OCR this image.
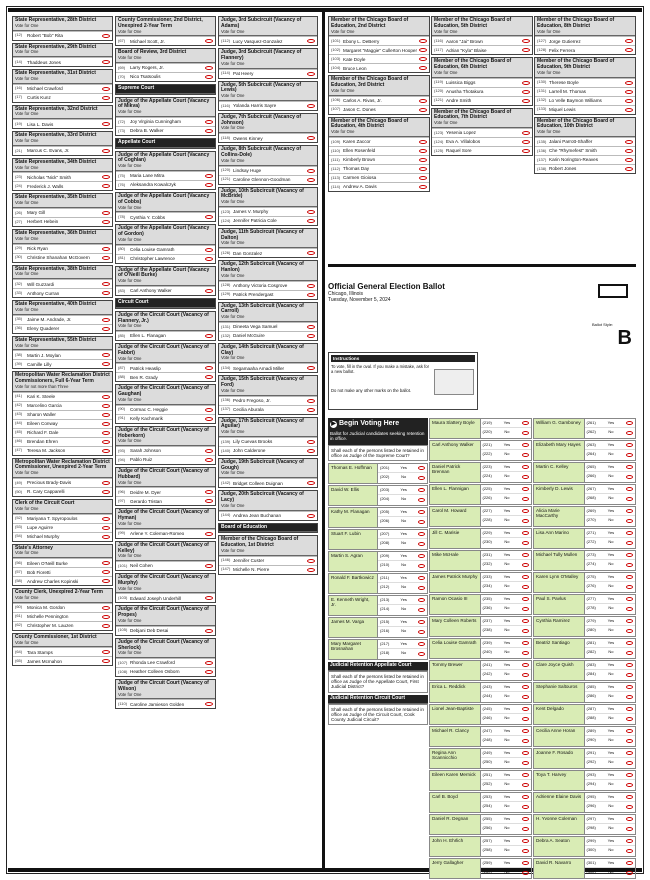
State Representative, 28th District
Vote for One
(12)	Robert "Bob" Rita
State Representative, 29th District
Vote for One
(14)	Thaddeus Jones
State Representative, 31st District
Vote for One
(16)	Michael Crawford
(17)	Curtis Kunz
State Representative, 32nd District
Vote for One
(19)	Lisa L. Davis
State Representative, 33rd District
Vote for One
(21)	Marcus C. Evans, Jr.
State Representative, 34th District
Vote for One
(23)	Nicholas "Nick" Smith
(24)	Frederick J. Walls
State Representative, 35th District
Vote for One
(26)	Mary Gill
(27)	Herbert Hebein
State Representative, 36th District
Vote for One
(29)	Rick Ryan
(30)	Christine Shanahan McGovern
State Representative, 38th District
Vote for One
(32)	Will Guzzardi
(33)	Anthony Curran
State Representative, 40th District
Vote for One
(35)	Jaime M. Andrade, Jr.
(36)	Eleny Quaderer
State Representative, 55th District
Vote for One
(38)	Martin J. Moylan
(39)	Camille Lilly
Metropolitan Water Reclamation District Commissioners, Full 6-Year Term
Vote for not more than Three
(41)	Kari K. Steele
(42)	Marcelino Garcia
(43)	Sharon Waller
(44)	Eileen Conway
(45)	Richard F. Dale
(46)	Brendan Ehren
(47)	Teresa M. Jackson
Metropolitan Water Reclamation District Commissioner, Unexpired 2-Year Term
Vote for One
(49)	Precious Brady-Davis
(50)	R. Cary Capparelli
Clerk of the Circuit Court
Vote for One
(52)	Mariyana T. Spyropoulos
(53)	Lupe Aguirre
(54)	Michael Murphy
State's Attorney
Vote for One
(56)	Eileen O'Neill Burke
(57)	Bob Fioretti
(58)	Andrew Charles Kopinski
County Clerk, Unexpired 2-Year Term
Vote for One
(60)	Monica M. Gordon
(61)	Michelle Pennington
(62)	Christopher M. Lauzen
County Commissioner, 1st District
Vote for One
(64)	Tara Stamps
(65)	James Mcmahon
County Commissioner, 2nd District, Unexpired 2-Year Term
Vote for One
(67)	Michael Scott, Jr.
Board of Review, 3rd District
Vote for One
(69)	Larry Rogers, Jr.
(70)	Nico Tsatsoulis
Supreme Court
Judge of the Appellate Court (Vacancy of Mikva)
Vote for One
(72)	Joy Virginia Cunningham
(73)	Debra B. Walker
Appellate Court
Judge of the Appellate Court (Vacancy of Coghlan)
Vote for One
(75)	Maria Lane Mitra
(76)	Aleksandra Kowalczyk
Judge of the Appellate Court (Vacancy of Cobbs)
Vote for One
(78)	Cynthia Y. Cobbs
Judge of the Appellate Court (Vacancy of Gordon)
Vote for One
(80)	Celia Louise Gamrath
(81)	Christopher Lawrence
Judge of the Appellate Court (Vacancy of O'Neill Burke)
Vote for One
(83)	Carl Anthony Walker
Circuit Court
Judge of the Circuit Court (Vacancy of Flannery, Jr.)
Vote for One
(85)	Ellen L. Flanagan
Judge of the Circuit Court (Vacancy of Fabbri)
Vote for One
(87)	Patrick Heaslip
(88)	Ben R. Grady
Judge of the Circuit Court (Vacancy of Gaughan)
Vote for One
(90)	Cormac C. Heggie
(91)	Kelly Kachmarik
Judge of the Circuit Court (Vacancy of Hoberkorn)
Vote for One
(93)	Sarah Johnson
(94)	Pablo Ruiz
Judge of the Circuit Court (Vacancy of Hubbard)
Vote for One
(96)	Deidre M. Dyer
(97)	Gerardo Tristan
Judge of the Circuit Court (Vacancy of Hyman)
Vote for One
(99)	Arlene Y. Coleman-Romeo
Judge of the Circuit Court (Vacancy of Kelley)
Vote for One
(101) Neil Cohen
Judge of the Circuit Court (Vacancy of Murphy)
Vote for One
(103) Edward Joseph Underhill
Judge of the Circuit Court (Vacancy of Propes)
Vote for One
(105) Debjani Deb Desai
Judge of the Circuit Court (Vacancy of Sherlock)
Vote for One
(107) Rhonda Lee Crawford
(108) Heather Colleen Osborn
Judge of the Circuit Court (Vacancy of Wilson)
Vote for One
(110) Caroline Jamieson Golden
Judge, 3rd Subcircuit (Vacancy of Adams)
Vote for One
(112) Lucy Vasquez-Gonzalez
Judge, 3rd Subcircuit (Vacancy of Flannery)
Vote for One
(114) Pat Heery
Judge, 5th Subcircuit (Vacancy of Lewis)
Vote for One
(116) Yolanda Harris Sayre
Judge, 7th Subcircuit (Vacancy of Johnson)
Vote for One
(118) Owens Kinney
Judge, 8th Subcircuit (Vacancy of Collins-Dole)
Vote for One
(120) Lindsay Huge
(121) Caroline Glennon-Goodman
Judge, 10th Subcircuit (Vacancy of McBride)
Vote for One
(123) James V. Murphy
(124) Jennifer Patricia Cole
Judge, 11th Subcircuit (Vacancy of Dalton)
Vote for One
(126) Dan Gonzalez
Judge, 12th Subcircuit (Vacancy of Hanlon)
Vote for One
(128) Anthony Victoria Cosgrove
(129) Patrick Prendergast
Judge, 13th Subcircuit (Vacancy of Carroll)
Vote for One
(131) Dineeta Vega Samuel
(132) Daniel McGuire
Judge, 14th Subcircuit (Vacancy of Clay)
Vote for One
(134) Segamaaha Amadi Miller
Judge, 15th Subcircuit (Vacancy of Ford)
Vote for One
(136) Pedro Fregoso, Jr.
(137) Cecilia Aburala
Judge, 17th Subcircuit (Vacancy of Aguilar)
Vote for One
(139) Lily Cuevas Brooks
(140) John Calderone
Judge, 19th Subcircuit (Vacancy of Gough)
Vote for One
(142) Bridget Colleen Duignan
Judge, 20th Subcircuit (Vacancy of Lacy)
Vote for One
(144) Andrea Jean Buchanan
Board of Education
Member of the Chicago Board of Education, 1st District
Vote for One
(146) Jennifer Custer
(147) Michelle N. Pierre
Member of the Chicago Board of Education, 2nd District
Vote for One
(101) Ebony L. DeBerry
(102) Margaret "Maggie" Cullerton Hooper
(103) Kate Doyle
(104) Bruce Leon
Member of the Chicago Board of Education, 3rd District
Vote for One
(106) Carlos A. Rivas, Jr.
(107) Jason C. Dones
Member of the Chicago Board of Education, 4th District
Vote for One
(109) Karen Zaccor
(110) Ellen Rosenfeld
(111) Kimberly Brown
(112) Thomas Day
(113) Carmen Gioiosa
(114) Andrew A. Davis
Member of the Chicago Board of Education, 5th District
Vote for One
(116) Aaron "Jai" Brown
(117) Adrian "Kyla" Blaise
Member of the Chicago Board of Education, 6th District
Vote for One
(119) Luissica Biggs
(120) Anusha Thotakura
(121) Andre Smith
Member of the Chicago Board of Education, 7th District
Vote for One
(123) Yesenia Lopez
(124) Eva A. Villalobos
(125) Raquel Sore
Member of the Chicago Board of Education, 8th District
Vote for One
(127) Jorge Gutierrez
(128) Felix Ferrera
Member of the Chicago Board of Education, 9th District
Vote for One
(130) Therese Boyle
(131) Larrell M. Thomas
(132) Lo Velle Baymon Williams
(133) Miquel Lewis
Member of the Chicago Board of Education, 10th District
Vote for One
(135) Jalani Parrott-Shaffer
(136) Che "Rhymefest" Smith
(137) Karin Norington-Reaves
(138) Robert Jones
Official General Election Ballot
Chicago, Illinois
Tuesday, November 5, 2024
Ballot Style:
B
Instructions
To vote, fill in the oval. If you make a mistake, ask for a new ballot.
Do not make any other marks on the ballot.
▶ Begin Voting Here
Ballot for Judicial candidates seeking retention in office.
Shall each of the persons listed be retained in office as Judge of the Supreme Court?
Thomas E. Hoffman	(201)	Yes
(202)	No
David W. Ellis	(203)	Yes
(204)	No
Kathy M. Flanagan	(205)	Yes
(206)	No
Stuart F. Lubin	(207)	Yes
(208)	No
Martin S. Agran	(209)	Yes
(210)	No
Ronald F. Bartkowicz	(211)	Yes
(212)	No
E. Kenneth Wright, Jr.
(213)	Yes
(214)	No
James M. Varga	(215)	Yes
(216)	No
Mary Margaret Brosnahan
(217)	Yes
(218)	No
Judicial Retention Appellate Court
Shall each of the persons listed be retained in office as Judge of the Appellate Court, First Judicial District?
Judicial Retention Circuit Court
Shall each of the persons listed be retained in office as Judge of the Circuit Court, Cook County Judicial Circuit?
Maura Slattery Boyle	(219)	Yes
(220)	No
Carl Anthony Walker	(221)	Yes
(222)	No
Daniel Patrick Brennan
(223)	Yes
(224)	No
Ellen L. Flannigan	(225)	Yes
(226)	No
Carol M. Howard	(227)	Yes
(228)	No
Jill C. Marisie	(229)	Yes
(230)	No
Mike McHale	(231)	Yes
(232)	No
James Patrick Murphy	(233)	Yes
(234)	No
Ramon Ocasio III	(235)	Yes
(236)	No
Mary Colleen Roberts	(237)	Yes
(238)	No
Celia Louise Gamrath	(239)	Yes
(240)	No
Tommy Brewer	(241)	Yes
(242)	No
Erica L. Reddick	(243)	Yes
(244)	No
Lionel Jean-Baptiste	(245)	Yes
(246)	No
Michael R. Clancy	(247)	Yes
(248)	No
Regina Ann Scannicchio
(249)	Yes
(250)	No
Eileen Karen Mernick	(251)	Yes
(252)	No
Carl B. Boyd	(253)	Yes
(254)	No
Daniel R. Degnan	(255)	Yes
(256)	No
John H. Ehrlich	(257)	Yes
(258)	No
Jerry Gallagher	(259)	Yes
(260)	No
William G. Gamboney	(261)	Yes
(262)	No
Elizabeth Mary Hayes	(263)	Yes
(264)	No
Martin C. Kelley	(265)	Yes
(266)	No
Kimberly D. Lewis	(267)	Yes
(268)	No
Alicia Marie MacCarthy
(269)	Yes
(270)	No
Lisa Ann Marino	(271)	Yes
(272)	No
Michael Tully Mullen	(273)	Yes
(274)	No
Karen Lynn O'Malley	(275)	Yes
(276)	No
Paul S. Pavlus	(277)	Yes
(278)	No
Cynthia Ramirez	(279)	Yes
(280)	No
Beatriz Santiago	(281)	Yes
(282)	No
Clare Joyce Quish	(283)	Yes
(284)	No
Stephanie Saltouros	(285)	Yes
(286)	No
Kent Delgado	(287)	Yes
(288)	No
Cecilia Anne Horan	(289)	Yes
(290)	No
Joanne F. Rosado	(291)	Yes
(292)	No
Toya T. Harvey	(293)	Yes
(294)	No
Adrienne Elaine Davis	(295)	Yes
(296)	No
H. Yvonne Coleman	(297)	Yes
(298)	No
Debra A. Seaton	(299)	Yes
(300)	No
David R. Navarro	(301)	Yes
(302)	No
